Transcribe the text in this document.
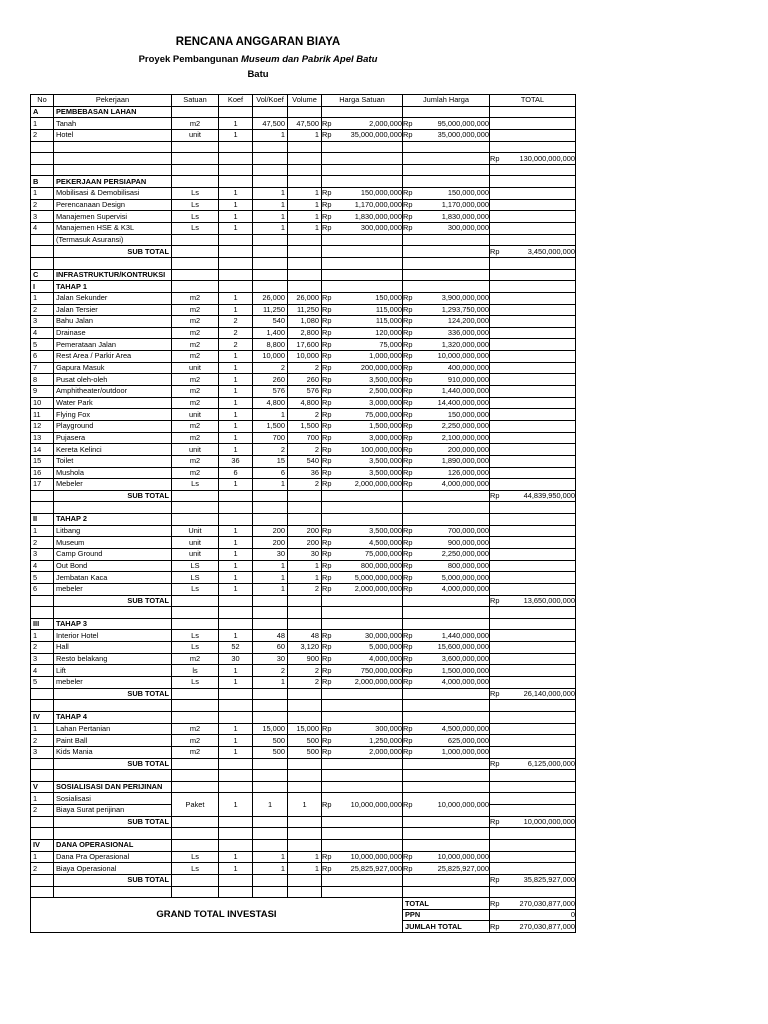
RENCANA ANGGARAN BIAYA
Proyek Pembangunan Museum dan Pabrik Apel Batu
Batu
No	Pekerjaan	Satuan	Koef	Vol/Koef	Volume	Harga Satuan	Jumlah Harga	TOTAL
A	PEMBEBASAN LAHAN							
1	Tanah	m2	1	47,500	47,500	Rp 2,000,000	Rp 95,000,000,000	

2	Hotel	unit	1	1	1	Rp 35,000,000,000	Rp 35,000,000,000	

								Rp 130,000,000,000

B	PEKERJAAN PERSIAPAN							
1	Mobilisasi & Demobilisasi	Ls	1	1	1	Rp 150,000,000	Rp 150,000,000	

2	Perencanaan Design	Ls	1	1	1	Rp 1,170,000,000	Rp 1,170,000,000	

3	Manajemen Supervisi	Ls	1	1	1	Rp 1,830,000,000	Rp 1,830,000,000	

4	Manajemen HSE & K3L	Ls	1	1	1	Rp 300,000,000	Rp 300,000,000	

	(Termasuk Asuransi)							
	SUB TOTAL							Rp 3,450,000,000

C	INFRASTRUKTUR/KONTRUKSI							
I	TAHAP 1							
1	Jalan Sekunder	m2	1	26,000	26,000	Rp 150,000	Rp 3,900,000,000	

2	Jalan Tersier	m2	1	11,250	11,250	Rp 115,000	Rp 1,293,750,000	

3	Bahu Jalan	m2	2	540	1,080	Rp 115,000	Rp 124,200,000	

4	Drainase	m2	2	1,400	2,800	Rp 120,000	Rp 336,000,000	

5	Pemerataan Jalan	m2	2	8,800	17,600	Rp 75,000	Rp 1,320,000,000	

6	Rest Area / Parkir Area	m2	1	10,000	10,000	Rp 1,000,000	Rp 10,000,000,000	

7	Gapura Masuk	unit	1	2	2	Rp 200,000,000	Rp 400,000,000	

8	Pusat oleh-oleh	m2	1	260	260	Rp 3,500,000	Rp 910,000,000	

9	Amphitheater/outdoor	m2	1	576	576	Rp 2,500,000	Rp 1,440,000,000	

10	Water Park	m2	1	4,800	4,800	Rp 3,000,000	Rp 14,400,000,000	

11	Flying Fox	unit	1	1	2	Rp 75,000,000	Rp 150,000,000	

12	Playground	m2	1	1,500	1,500	Rp 1,500,000	Rp 2,250,000,000	

13	Pujasera	m2	1	700	700	Rp 3,000,000	Rp 2,100,000,000	

14	Kereta Kelinci	unit	1	2	2	Rp 100,000,000	Rp 200,000,000	

15	Toilet	m2	36	15	540	Rp 3,500,000	Rp 1,890,000,000	

16	Mushola	m2	6	6	36	Rp 3,500,000	Rp 126,000,000	

17	Mebeler	Ls	1	1	2	Rp 2,000,000,000	Rp 4,000,000,000	

	SUB TOTAL							Rp 44,839,950,000

II	TAHAP 2							
1	Litbang	Unit	1	200	200	Rp 3,500,000	Rp 700,000,000	

2	Museum	unit	1	200	200	Rp 4,500,000	Rp 900,000,000	

3	Camp Ground	unit	1	30	30	Rp 75,000,000	Rp 2,250,000,000	

4	Out Bond	LS	1	1	1	Rp 800,000,000	Rp 800,000,000	

5	Jembatan Kaca	LS	1	1	1	Rp 5,000,000,000	Rp 5,000,000,000	

6	mebeler	Ls	1	1	2	Rp 2,000,000,000	Rp 4,000,000,000	

	SUB TOTAL							Rp 13,650,000,000

III	TAHAP 3							
1	Interior Hotel	Ls	1	48	48	Rp 30,000,000	Rp 1,440,000,000	

2	Hall	Ls	52	60	3,120	Rp 5,000,000	Rp 15,600,000,000	

3	Resto belakang	m2	30	30	900	Rp 4,000,000	Rp 3,600,000,000	

4	Lift	ls	1	2	2	Rp 750,000,000	Rp 1,500,000,000	

5	mebeler	Ls	1	1	2	Rp 2,000,000,000	Rp 4,000,000,000	

	SUB TOTAL							Rp 26,140,000,000

IV	TAHAP 4							
1	Lahan Pertanian	m2	1	15,000	15,000	Rp 300,000	Rp 4,500,000,000	

2	Paint Ball	m2	1	500	500	Rp 1,250,000	Rp 625,000,000	

3	Kids Mania	m2	1	500	500	Rp 2,000,000	Rp 1,000,000,000	

	SUB TOTAL							Rp 6,125,000,000

V	SOSIALISASI DAN PERIJINAN							
1	Sosialisasi	Paket	1	1	1	Rp 10,000,000,000	Rp 10,000,000,000	

2	Biaya Surat perijinan							
	SUB TOTAL							Rp 10,000,000,000

IV	DANA OPERASIONAL							
1	Dana Pra Operasional	Ls	1	1	1	Rp 10,000,000,000	Rp 10,000,000,000	

2	Biaya Operasional	Ls	1	1	1	Rp 25,825,927,000	Rp 25,825,927,000	

	SUB TOTAL							Rp 35,825,927,000

GRAND TOTAL INVESTASI							TOTAL	Rp 270,030,877,000

							PPN	0

							JUMLAH TOTAL	Rp 270,030,877,000
